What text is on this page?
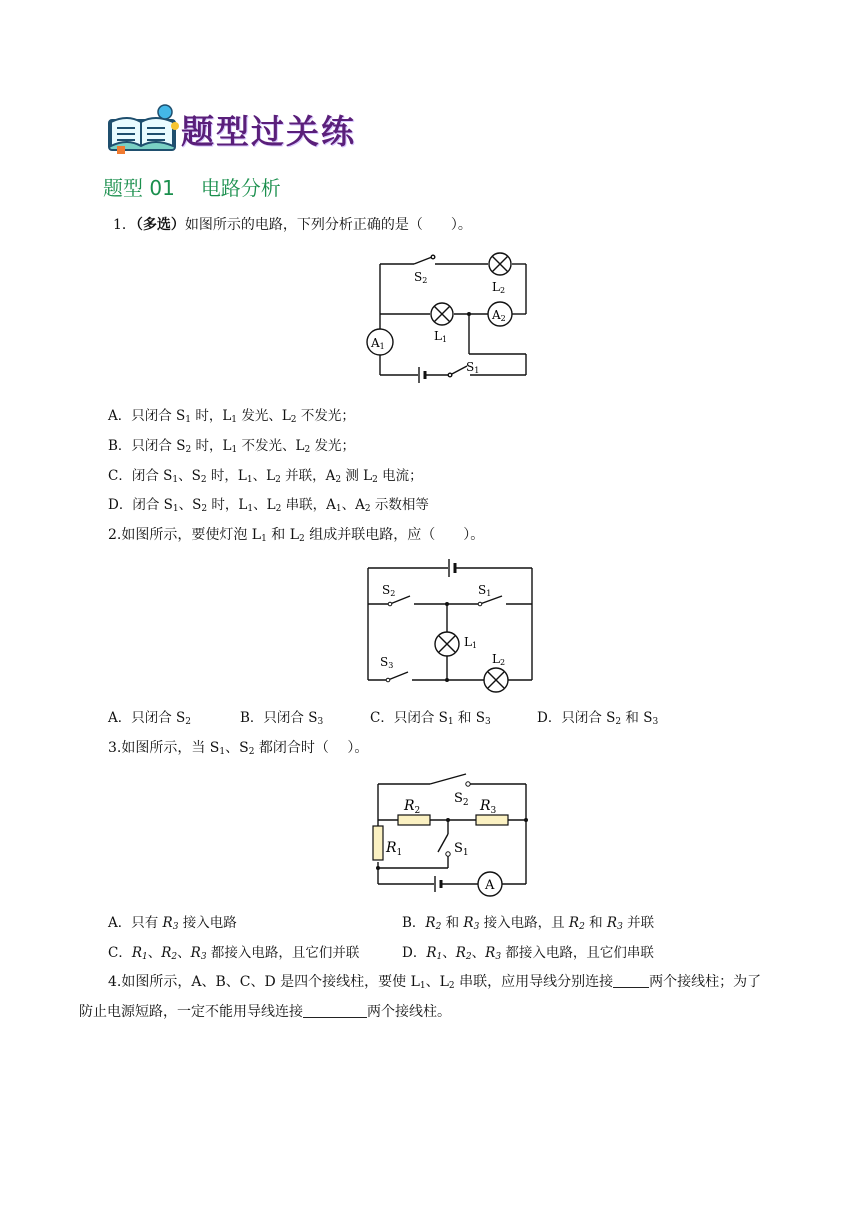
题型过关练
题型 01 电路分析
1．（多选）如图所示的电路，下列分析正确的是（　　）。
A2
A1
S2	L2
L1
S1
A．只闭合 $S_1$ 时，$L_1$ 发光、$L_2$ 不发光；
B．只闭合 $S_2$ 时，$L_1$ 不发光、$L_2$ 发光；
C．闭合 $S_1$、$S_2$ 时，$L_1$、$L_2$ 并联，$A_2$ 测 $L_2$ 电流；
D．闭合 $S_1$、$S_2$ 时，$L_1$、$L_2$ 串联，$A_1$、$A_2$ 示数相等
2.如图所示，要使灯泡 $L_1$ 和 $L_2$ 组成并联电路，应（　　）。
S2	S1
L1
S3	L2
A．只闭合 $S_2$	B．只闭合 $S_3$	C．只闭合 $S_1$ 和 $S_3$	D．只闭合 $S_2$ 和 $S_3$
3.如图所示，当 $S_1$、$S_2$ 都闭合时（　 ）。
A
$R_2$	$R_3$
$S_2$
$R_1$	$S_1$
A．只有 $R_3$ 接入电路	B．$R_2$ 和 $R_3$ 接入电路，且 $R_2$ 和 $R_3$ 并联
C．$R_1$、$R_2$、$R_3$ 都接入电路，且它们并联	D．$R_1$、$R_2$、$R_3$ 都接入电路，且它们串联
4.如图所示，A、B、C、D 是四个接线柱，要使 $L_1$、$L_2$ 串联，应用导线分别连接	两个接线柱；为了
防止电源短路，一定不能用导线连接	两个接线柱。
